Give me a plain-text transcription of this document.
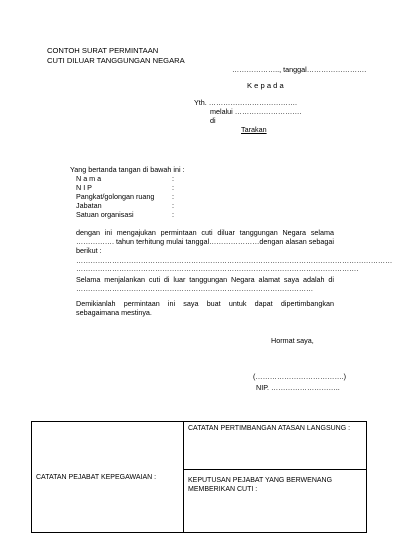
CONTOH SURAT PERMINTAAN
CUTI DILUAR TANGGUNGAN NEGARA
……………….., tanggal…………………….
K e p a d a
Yth. ……………………………….
melalui ……………………….
di
Tarakan
Yang bertanda tangan di bawah ini :
N a m a	:
N I P	:
Pangkat/golongan ruang :
Jabatan	:
Satuan organisasi	:
dengan ini mengajukan permintaan cuti diluar tanggungan Negara selama ……………. tahun terhitung mulai tanggal…………………dengan alasan sebagai berikut :
……………………………………………………………………………………………………………………
……………………………………………………………………………………………………….
Selama menjalankan cuti di luar tanggungan Negara alamat saya adalah di ………………………………………………………………………………………
Demikianlah permintaan ini saya buat untuk dapat dipertimbangkan sebagaimana mestinya.
Hormat saya,
(……………………………….)
NIP. ………………………..
CATATAN PEJABAT KEPEGAWAIAN :	CATATAN PERTIMBANGAN ATASAN LANGSUNG :
KEPUTUSAN PEJABAT YANG BERWENANG MEMBERIKAN CUTI :
